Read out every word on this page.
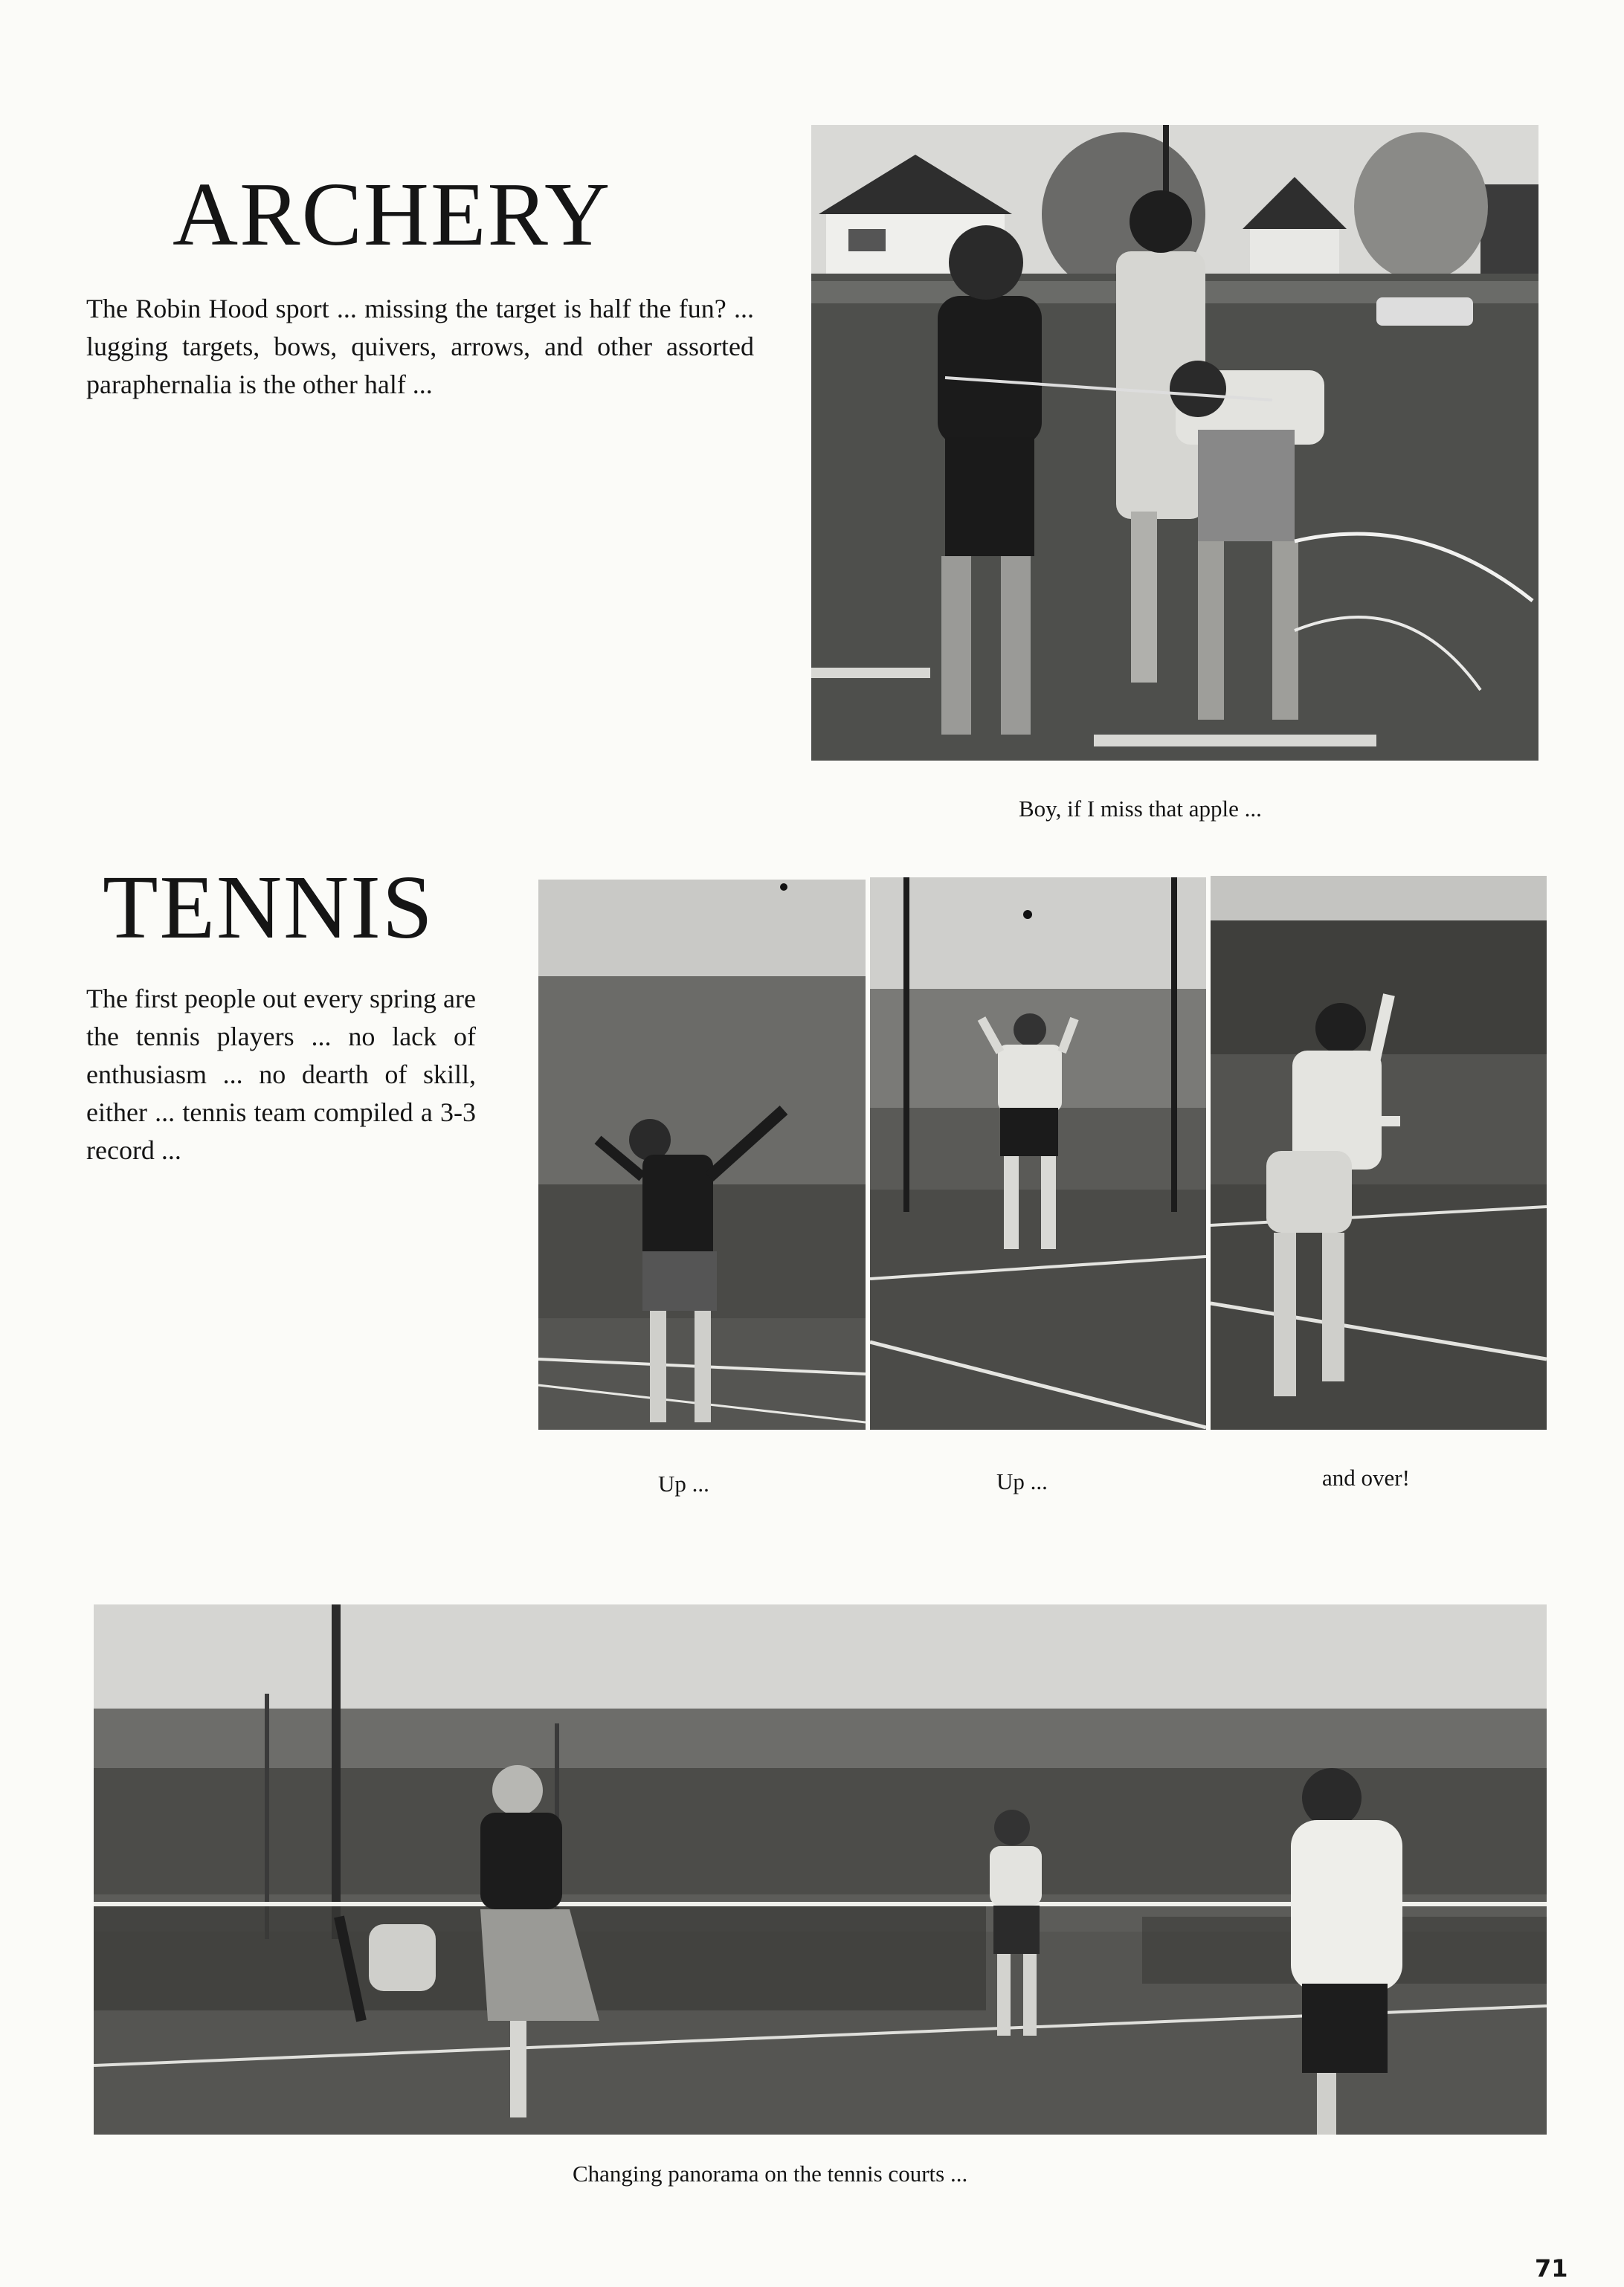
ARCHERY

The Robin Hood sport ... missing the target is half the fun? ... lugging targets, bows, quivers, arrows, and other assorted paraphernalia is the other half ...

Boy, if I miss that apple ...

TENNIS

The first people out every spring are the tennis players ... no lack of enthusiasm ... no dearth of skill, either ... tennis team compiled a 3-3 record ...

Up ...	Up ...	and over!

Changing panorama on the tennis courts ...

71
